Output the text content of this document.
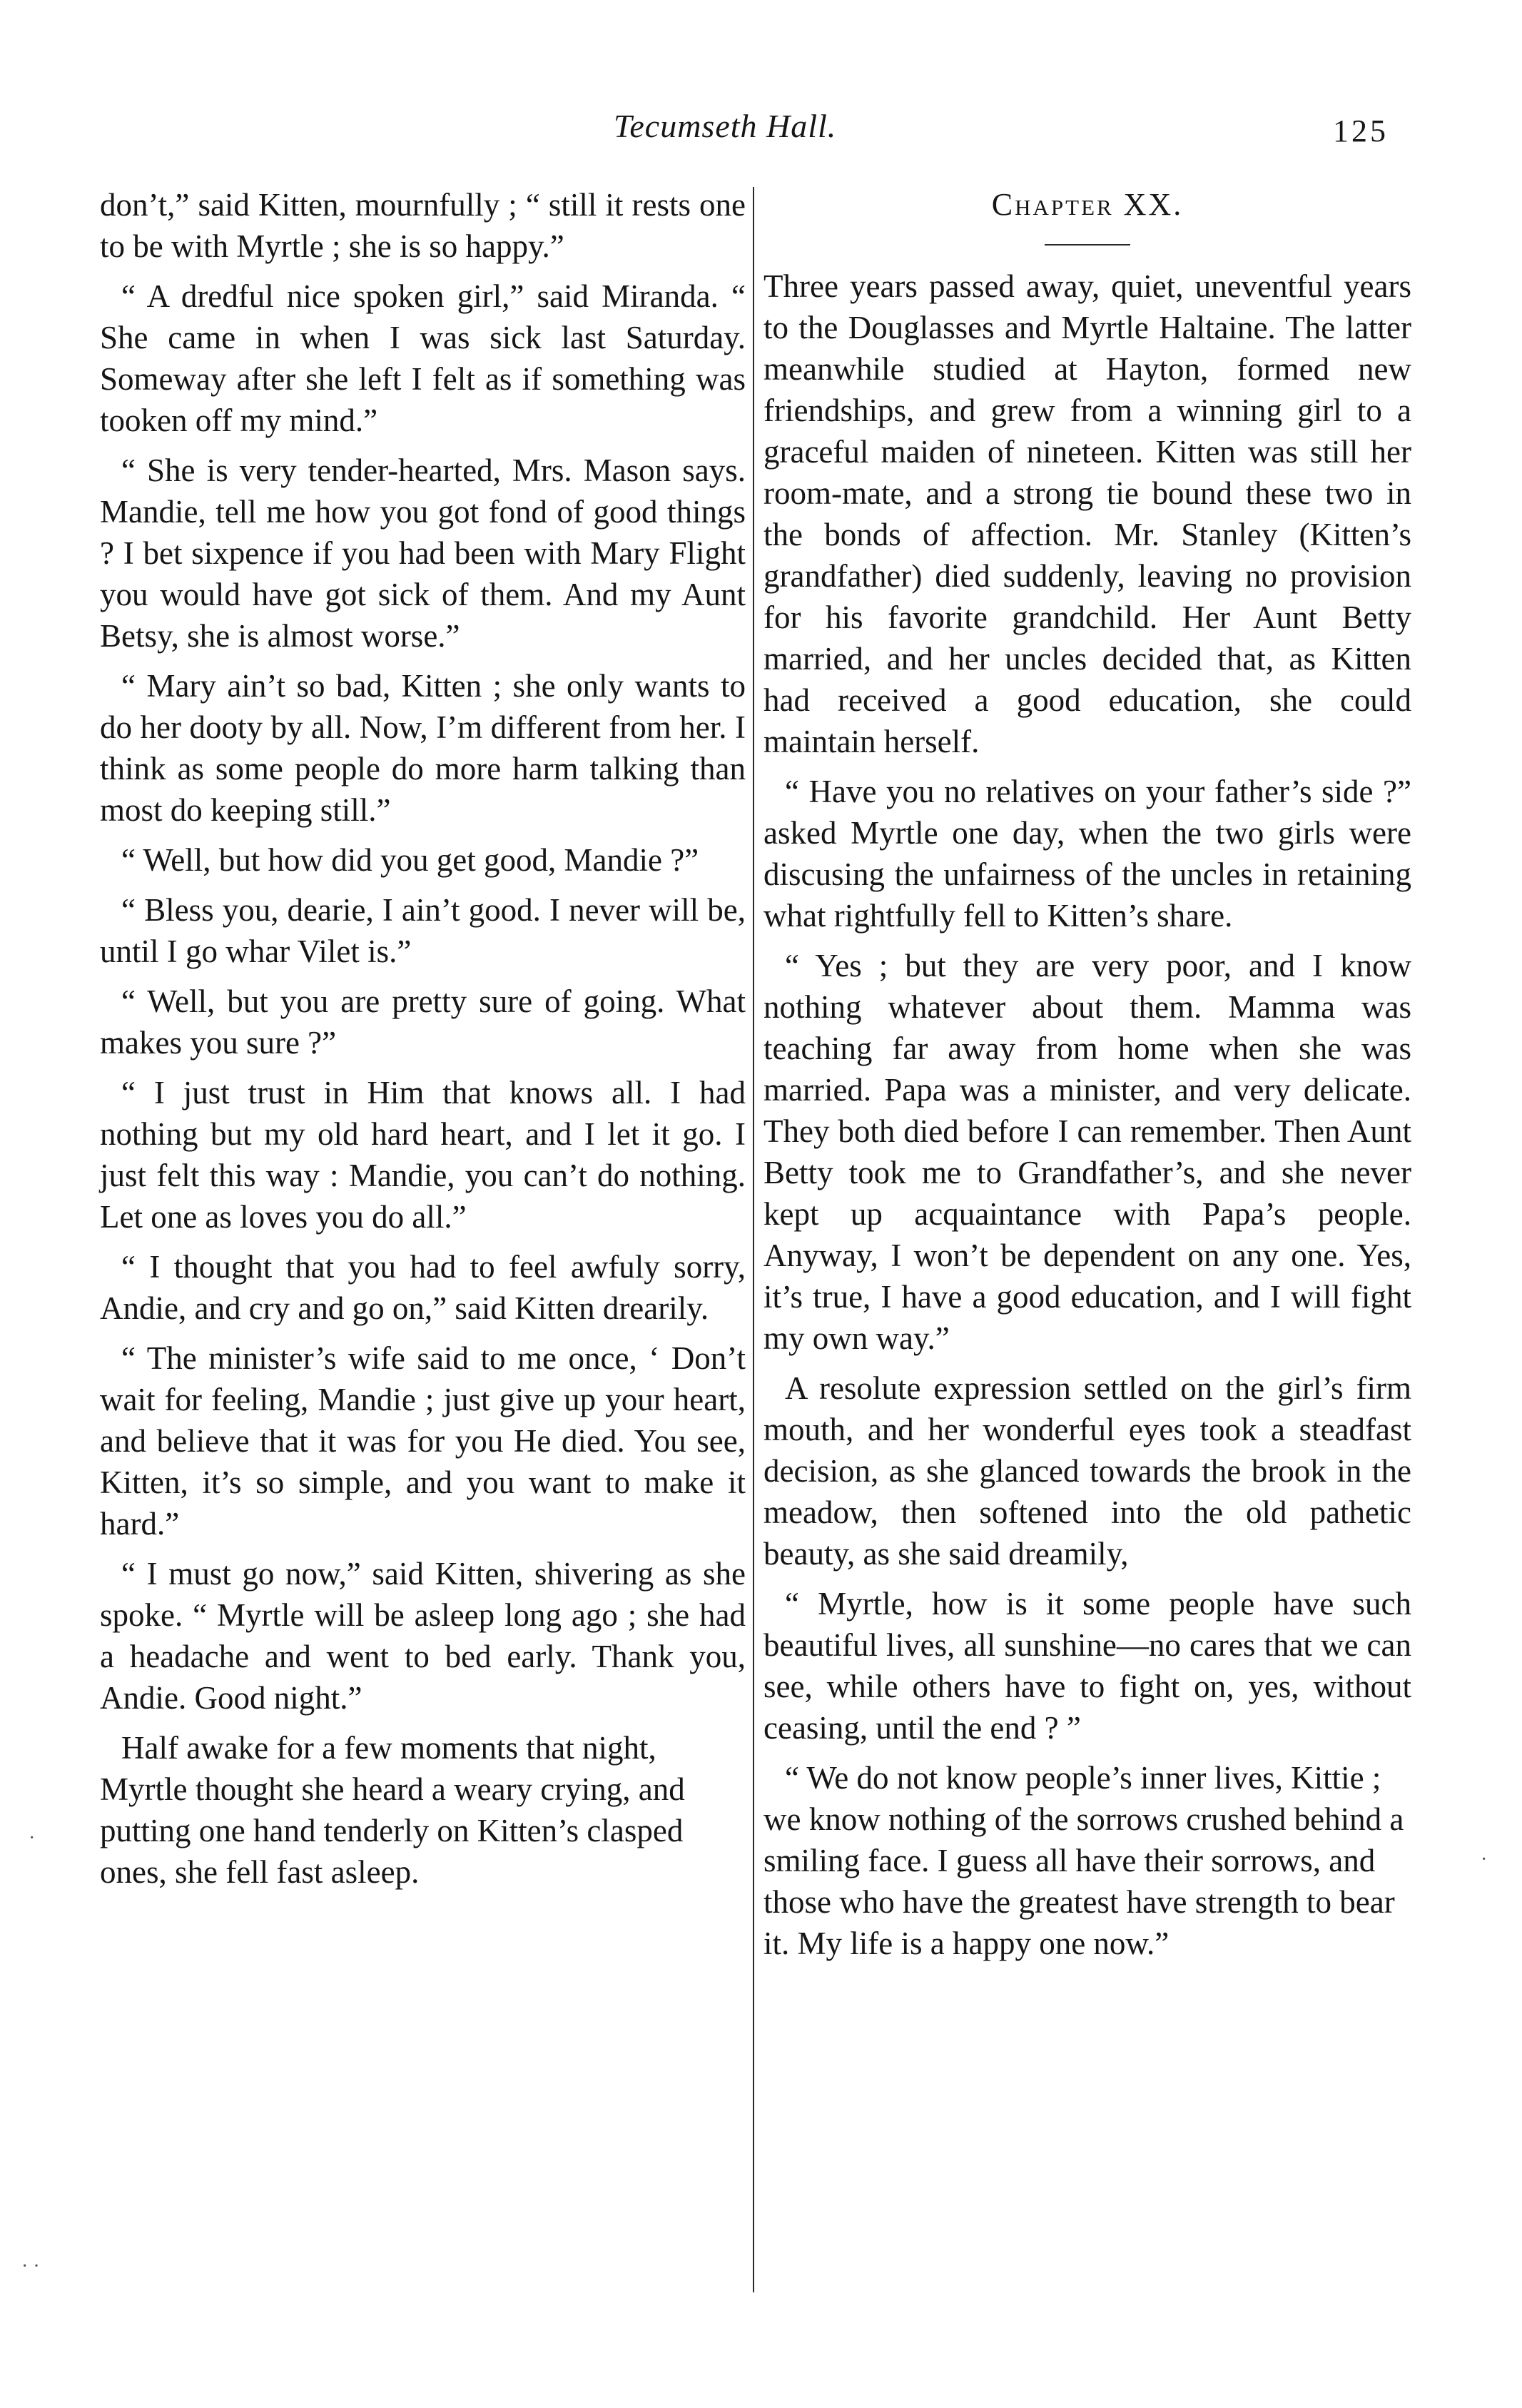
Tecumseth Hall.	125

don’t,” said Kitten, mournfully ; “ still it rests one to be with Myrtle ; she is so happy.”

“ A dredful nice spoken girl,” said Miranda. “ She came in when I was sick last Saturday. Someway after she left I felt as if something was tooken off my mind.”

“ She is very tender-hearted, Mrs. Mason says. Mandie, tell me how you got fond of good things ? I bet sixpence if you had been with Mary Flight you would have got sick of them. And my Aunt Betsy, she is almost worse.”

“ Mary ain’t so bad, Kitten ; she only wants to do her dooty by all. Now, I’m different from her. I think as some people do more harm talking than most do keeping still.”

“ Well, but how did you get good, Mandie ?”

“ Bless you, dearie, I ain’t good. I never will be, until I go whar Vilet is.”

“ Well, but you are pretty sure of going. What makes you sure ?”

“ I just trust in Him that knows all. I had nothing but my old hard heart, and I let it go. I just felt this way : Mandie, you can’t do nothing. Let one as loves you do all.”

“ I thought that you had to feel awfuly sorry, Andie, and cry and go on,” said Kitten drearily.

“ The minister’s wife said to me once, ‘ Don’t wait for feeling, Mandie ; just give up your heart, and believe that it was for you He died. You see, Kitten, it’s so simple, and you want to make it hard.”

“ I must go now,” said Kitten, shivering as she spoke. “ Myrtle will be asleep long ago ; she had a headache and went to bed early. Thank you, Andie. Good night.”

Half awake for a few moments that night, Myrtle thought she heard a weary crying, and putting one hand tenderly on Kitten’s clasped ones, she fell fast asleep.

Chapter XX.

Three years passed away, quiet, uneventful years to the Douglasses and Myrtle Haltaine. The latter meanwhile studied at Hayton, formed new friendships, and grew from a winning girl to a graceful maiden of nineteen. Kitten was still her room-mate, and a strong tie bound these two in the bonds of affection. Mr. Stanley (Kitten’s grandfather) died suddenly, leaving no provision for his favorite grandchild. Her Aunt Betty married, and her uncles decided that, as Kitten had received a good education, she could maintain herself.

“ Have you no relatives on your father’s side ?” asked Myrtle one day, when the two girls were discusing the unfairness of the uncles in retaining what rightfully fell to Kitten’s share.

“ Yes ; but they are very poor, and I know nothing whatever about them. Mamma was teaching far away from home when she was married. Papa was a minister, and very delicate. They both died before I can remember. Then Aunt Betty took me to Grandfather’s, and she never kept up acquaintance with Papa’s people. Anyway, I won’t be dependent on any one. Yes, it’s true, I have a good education, and I will fight my own way.”

A resolute expression settled on the girl’s firm mouth, and her wonderful eyes took a steadfast decision, as she glanced towards the brook in the meadow, then softened into the old pathetic beauty, as she said dreamily,

“ Myrtle, how is it some people have such beautiful lives, all sunshine—no cares that we can see, while others have to fight on, yes, without ceasing, until the end ? ”

“ We do not know people’s inner lives, Kittie ; we know nothing of the sorrows crushed behind a smiling face. I guess all have their sorrows, and those who have the greatest have strength to bear it. My life is a happy one now.”

·
· ·
·
